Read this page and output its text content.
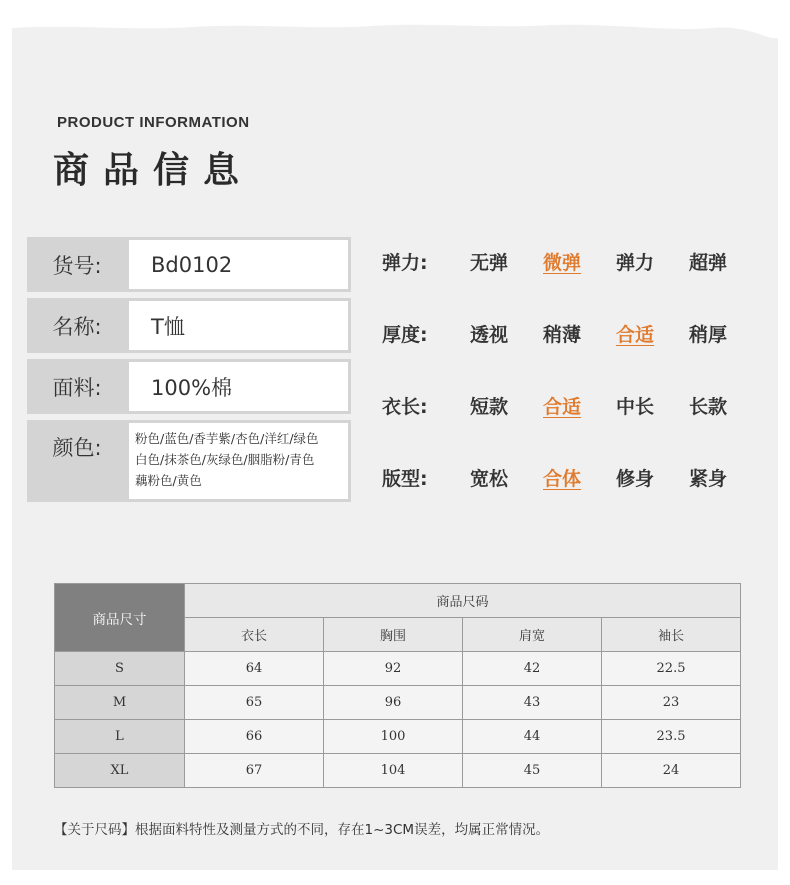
PRODUCT INFORMATION
商品信息
货号:	Bd0102
名称:	T恤
面料:	100%棉
颜色:	粉色/蓝色/香芋紫/杏色/洋红/绿色
白色/抹茶色/灰绿色/胭脂粉/青色
藕粉色/黄色
弹力:	无弹	微弹	弹力	超弹
厚度:	透视	稍薄	合适	稍厚
衣长:	短款	合适	中长	长款
版型:	宽松	合体	修身	紧身
商品尺寸	商品尺码			
	衣长	胸围	肩宽	袖长
S	64	92	42	22.5
M	65	96	43	23
L	66	100	44	23.5
XL	67	104	45	24
【关于尺码】根据面料特性及测量方式的不同，存在1~3CM误差，均属正常情况。
